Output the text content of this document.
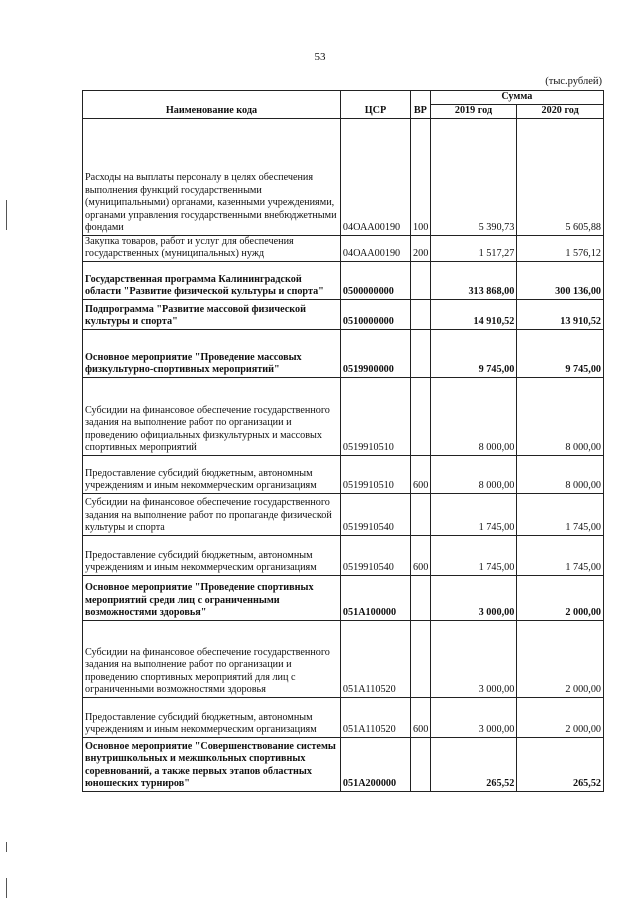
53
(тыс.рублей)
Наименование кода	ЦСР	ВР	Сумма	
			2019 год	2020 год
Расходы на выплаты персоналу в целях обеспечения выполнения функций государственными (муниципальными) органами, казенными учреждениями, органами управления государственными внебюджетными фондами	04ОАА00190	100	5 390,73	5 605,88
Закупка товаров, работ и услуг для обеспечения государственных (муниципальных) нужд	04ОАА00190	200	1 517,27	1 576,12
Государственная программа Калининградской области "Развитие физической культуры и спорта"	0500000000		313 868,00	300 136,00
Подпрограмма "Развитие массовой физической культуры и спорта"	0510000000		14 910,52	13 910,52
Основное мероприятие "Проведение массовых физкультурно-спортивных мероприятий"	0519900000		9 745,00	9 745,00
Субсидии на финансовое обеспечение государственного задания на выполнение работ по организации и проведению официальных физкультурных и массовых спортивных мероприятий	0519910510		8 000,00	8 000,00
Предоставление субсидий бюджетным, автономным учреждениям и иным некоммерческим организациям	0519910510	600	8 000,00	8 000,00
Субсидии на финансовое обеспечение государственного задания на выполнение работ по пропаганде физической культуры и спорта	0519910540		1 745,00	1 745,00
Предоставление субсидий бюджетным, автономным учреждениям и иным некоммерческим организациям	0519910540	600	1 745,00	1 745,00
Основное мероприятие "Проведение спортивных мероприятий среди лиц с ограниченными возможностями здоровья"	051А100000		3 000,00	2 000,00
Субсидии на финансовое обеспечение государственного задания на выполнение работ по организации и проведению спортивных мероприятий для лиц с ограниченными возможностями здоровья	051А110520		3 000,00	2 000,00
Предоставление субсидий бюджетным, автономным учреждениям и иным некоммерческим организациям	051А110520	600	3 000,00	2 000,00
Основное мероприятие "Совершенствование системы внутришкольных и межшкольных спортивных соревнований, а также первых этапов областных юношеских турниров"	051А200000		265,52	265,52
